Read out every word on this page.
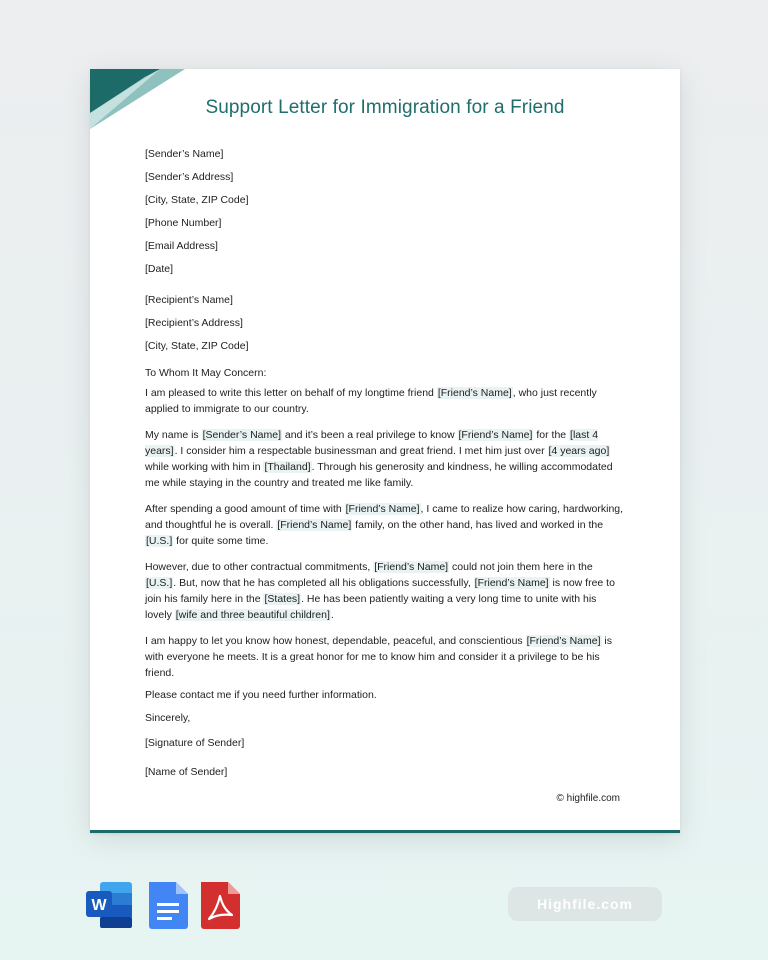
Support Letter for Immigration for a Friend
[Sender’s Name]
[Sender’s Address]
[City, State, ZIP Code]
[Phone Number]
[Email Address]
[Date]
[Recipient’s Name]
[Recipient’s Address]
[City, State, ZIP Code]
To Whom It May Concern:

I am pleased to write this letter on behalf of my longtime friend [Friend’s Name], who just recently applied to immigrate to our country.

My name is [Sender’s Name] and it’s been a real privilege to know [Friend’s Name] for the [last 4 years]. I consider him a respectable businessman and great friend. I met him just over [4 years ago] while working with him in [Thailand]. Through his generosity and kindness, he willing accommodated me while staying in the country and treated me like family.

After spending a good amount of time with [Friend’s Name], I came to realize how caring, hardworking, and thoughtful he is overall. [Friend’s Name] family, on the other hand, has lived and worked in the [U.S.] for quite some time.

However, due to other contractual commitments, [Friend’s Name] could not join them here in the [U.S.]. But, now that he has completed all his obligations successfully, [Friend’s Name] is now free to join his family here in the [States]. He has been patiently waiting a very long time to unite with his lovely [wife and three beautiful children].

I am happy to let you know how honest, dependable, peaceful, and conscientious [Friend’s Name] is with everyone he meets. It is a great honor for me to know him and consider it a privilege to be his friend.

Please contact me if you need further information.
Sincerely,
[Signature of Sender]
[Name of Sender]
© highfile.com
W	Highfile.com
